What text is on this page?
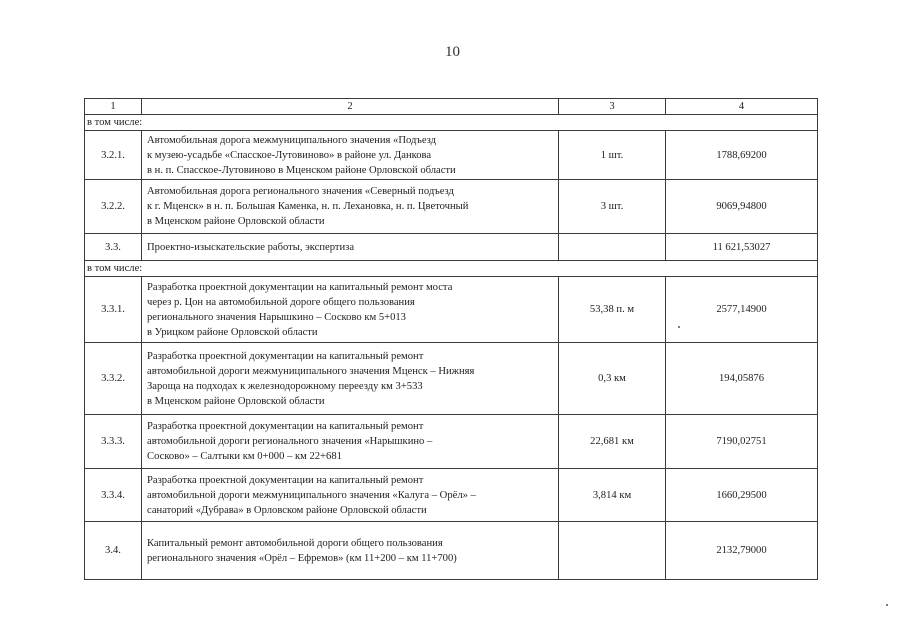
10
1	2	3	4
в том числе:			
3.2.1.	Автомобильная дорога межмуниципального значения «Подъезд
к музею-усадьбе «Спасское-Лутовиново» в районе ул. Данкова
в н. п. Спасское-Лутовиново в Мценском районе Орловской области	1 шт.	1788,69200
3.2.2.	Автомобильная дорога регионального значения «Северный подъезд
к г. Мценск» в н. п. Большая Каменка, н. п. Лехановка, н. п. Цветочный
в Мценском районе Орловской области	3 шт.	9069,94800
3.3.	Проектно-изыскательские работы, экспертиза		11 621,53027
в том числе:			
3.3.1.	Разработка проектной документации на капитальный ремонт моста
через р. Цон на автомобильной дороге общего пользования
регионального значения Нарышкино – Сосково км 5+013
в Урицком районе Орловской области	53,38 п. м	2577,14900
3.3.2.	Разработка проектной документации на капитальный ремонт
автомобильной дороги межмуниципального значения Мценск – Нижняя
Зароща на подходах к железнодорожному переезду км 3+533
в Мценском районе Орловской области	0,3 км	194,05876
3.3.3.	Разработка проектной документации на капитальный ремонт
автомобильной дороги регионального значения «Нарышкино –
Сосково» – Салтыки км 0+000 – км 22+681	22,681 км	7190,02751
3.3.4.	Разработка проектной документации на капитальный ремонт
автомобильной дороги межмуниципального значения «Калуга – Орёл» –
санаторий «Дубрава» в Орловском районе Орловской области	3,814 км	1660,29500
3.4.	Капитальный ремонт автомобильной дороги общего пользования
регионального значения «Орёл – Ефремов» (км 11+200 – км 11+700)		2132,79000
